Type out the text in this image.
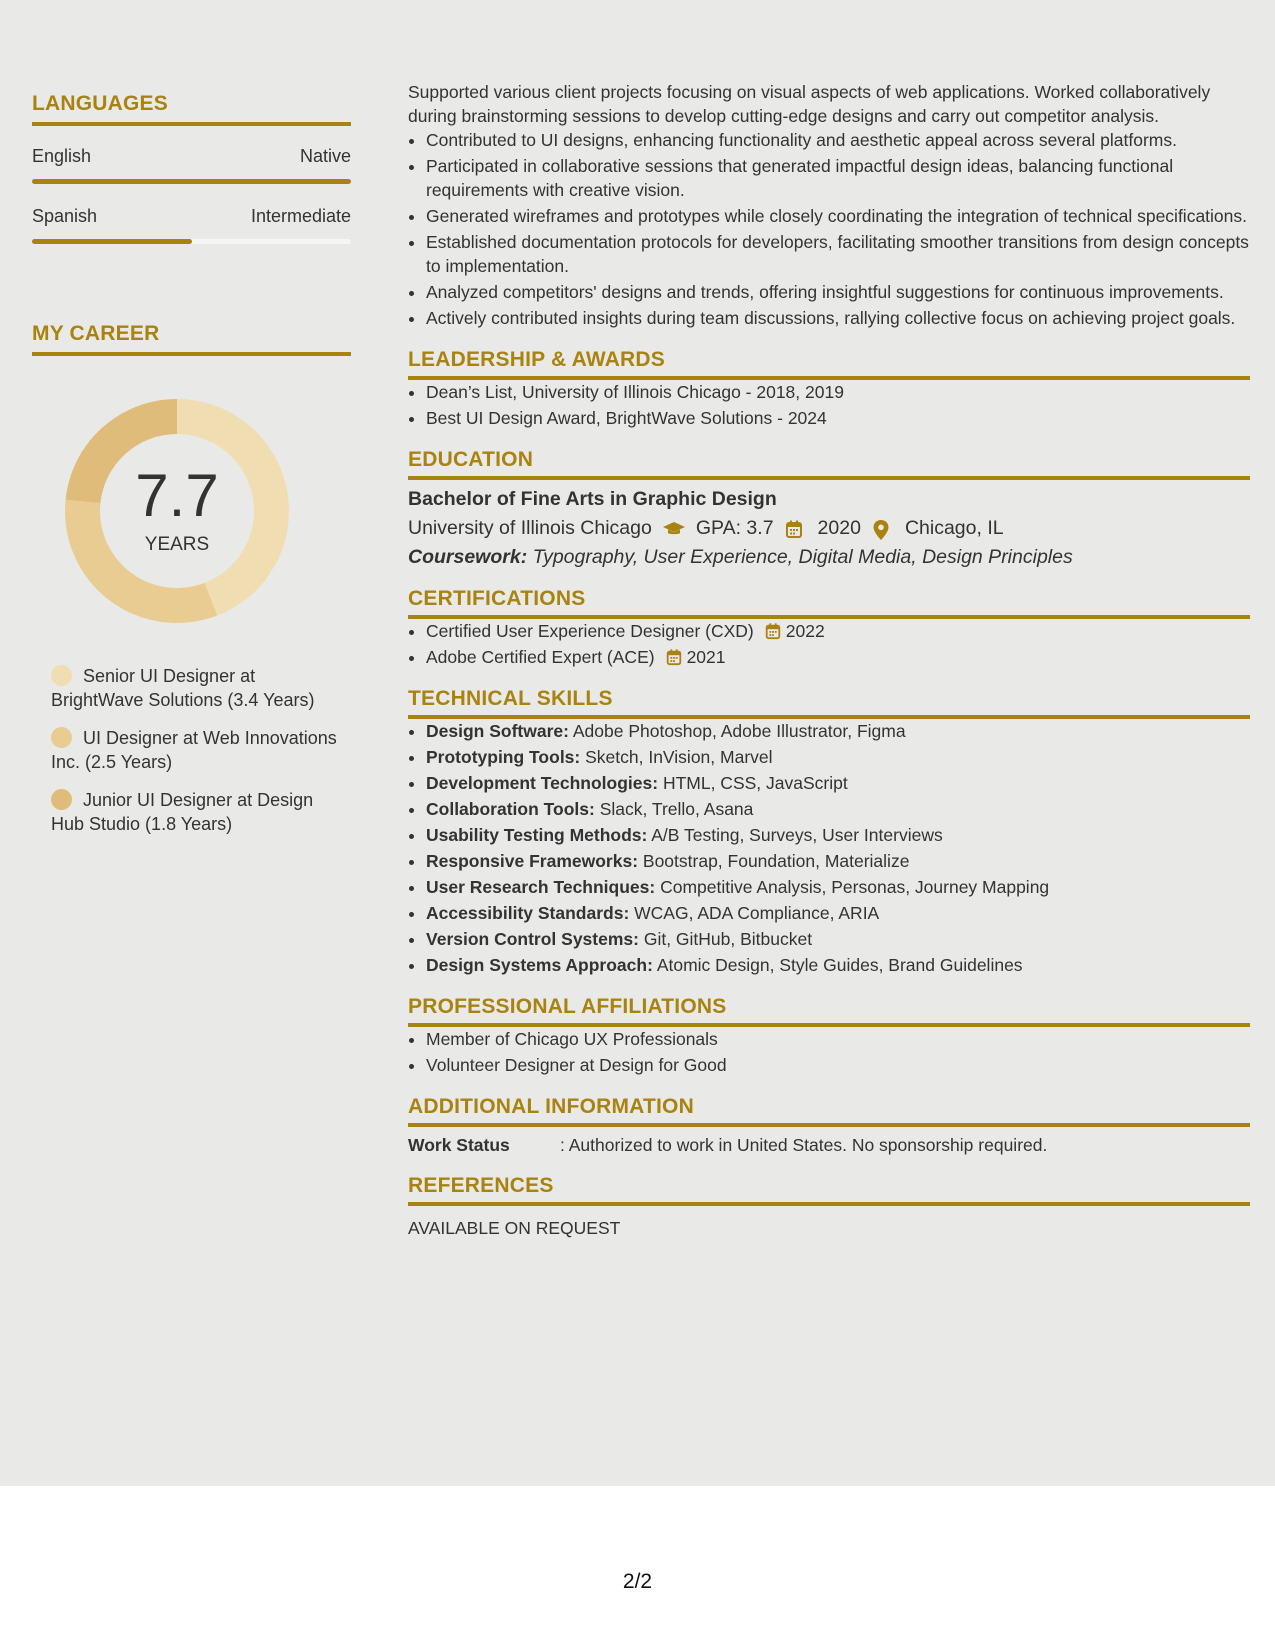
LANGUAGES
English	Native
Spanish	Intermediate
MY CAREER
7.7
YEARS
Senior UI Designer at BrightWave Solutions (3.4 Years)
UI Designer at Web Innovations Inc. (2.5 Years)
Junior UI Designer at Design Hub Studio (1.8 Years)

Supported various client projects focusing on visual aspects of web applications. Worked collaboratively during brainstorming sessions to develop cutting-edge designs and carry out competitor analysis.

• Contributed to UI designs, enhancing functionality and aesthetic appeal across several platforms.
• Participated in collaborative sessions that generated impactful design ideas, balancing functional requirements with creative vision.
• Generated wireframes and prototypes while closely coordinating the integration of technical specifications.
• Established documentation protocols for developers, facilitating smoother transitions from design concepts to implementation.
• Analyzed competitors' designs and trends, offering insightful suggestions for continuous improvements.
• Actively contributed insights during team discussions, rallying collective focus on achieving project goals.
LEADERSHIP & AWARDS
• Dean’s List, University of Illinois Chicago - 2018, 2019
• Best UI Design Award, BrightWave Solutions - 2024
EDUCATION
Bachelor of Fine Arts in Graphic Design
University of Illinois Chicago GPA: 3.7 2020 Chicago, IL
Coursework: Typography, User Experience, Digital Media, Design Principles
CERTIFICATIONS
• Certified User Experience Designer (CXD) 2022
• Adobe Certified Expert (ACE) 2021
TECHNICAL SKILLS
• Design Software: Adobe Photoshop, Adobe Illustrator, Figma
• Prototyping Tools: Sketch, InVision, Marvel
• Development Technologies: HTML, CSS, JavaScript
• Collaboration Tools: Slack, Trello, Asana
• Usability Testing Methods: A/B Testing, Surveys, User Interviews
• Responsive Frameworks: Bootstrap, Foundation, Materialize
• User Research Techniques: Competitive Analysis, Personas, Journey Mapping
• Accessibility Standards: WCAG, ADA Compliance, ARIA
• Version Control Systems: Git, GitHub, Bitbucket
• Design Systems Approach: Atomic Design, Style Guides, Brand Guidelines
PROFESSIONAL AFFILIATIONS
• Member of Chicago UX Professionals
• Volunteer Designer at Design for Good
ADDITIONAL INFORMATION
Work Status	: Authorized to work in United States. No sponsorship required.
REFERENCES
AVAILABLE ON REQUEST
2/2
